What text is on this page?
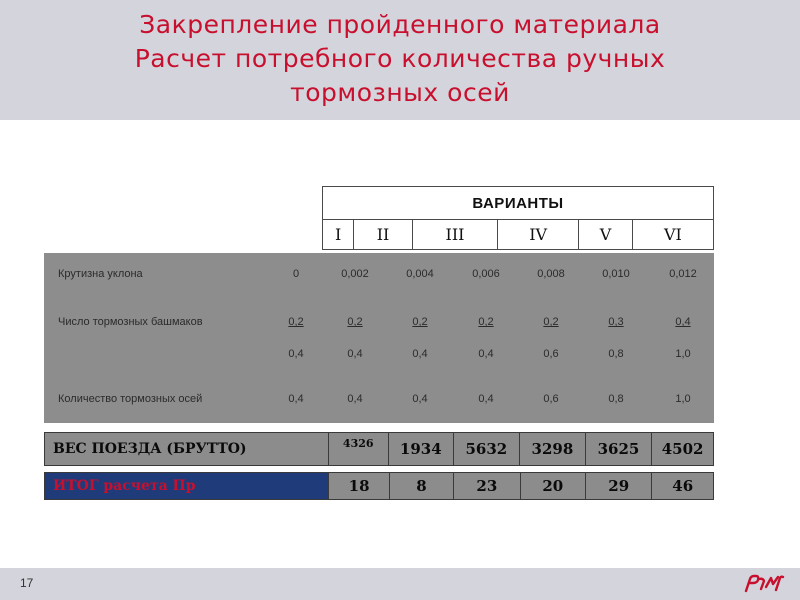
Закрепление пройденного материала
Расчет потребного количества ручных
тормозных осей
ВАРИАНТЫ
I	II	III	IV	V	VI
Крутизна уклона	0	0,002	0,004	0,006	0,008	0,010	0,012
Число тормозных башмаков	0,2	0,2	0,2	0,2	0,2	0,3	0,4
0,4	0,4	0,4	0,4	0,6	0,8	1,0
Количество тормозных осей	0,4	0,4	0,4	0,4	0,6	0,8	1,0
ВЕС ПОЕЗДА (БРУТТО)	4326	1934	5632	3298	3625	4502
ИТОГ расчета Пр	18	8	23	20	29	46
17
